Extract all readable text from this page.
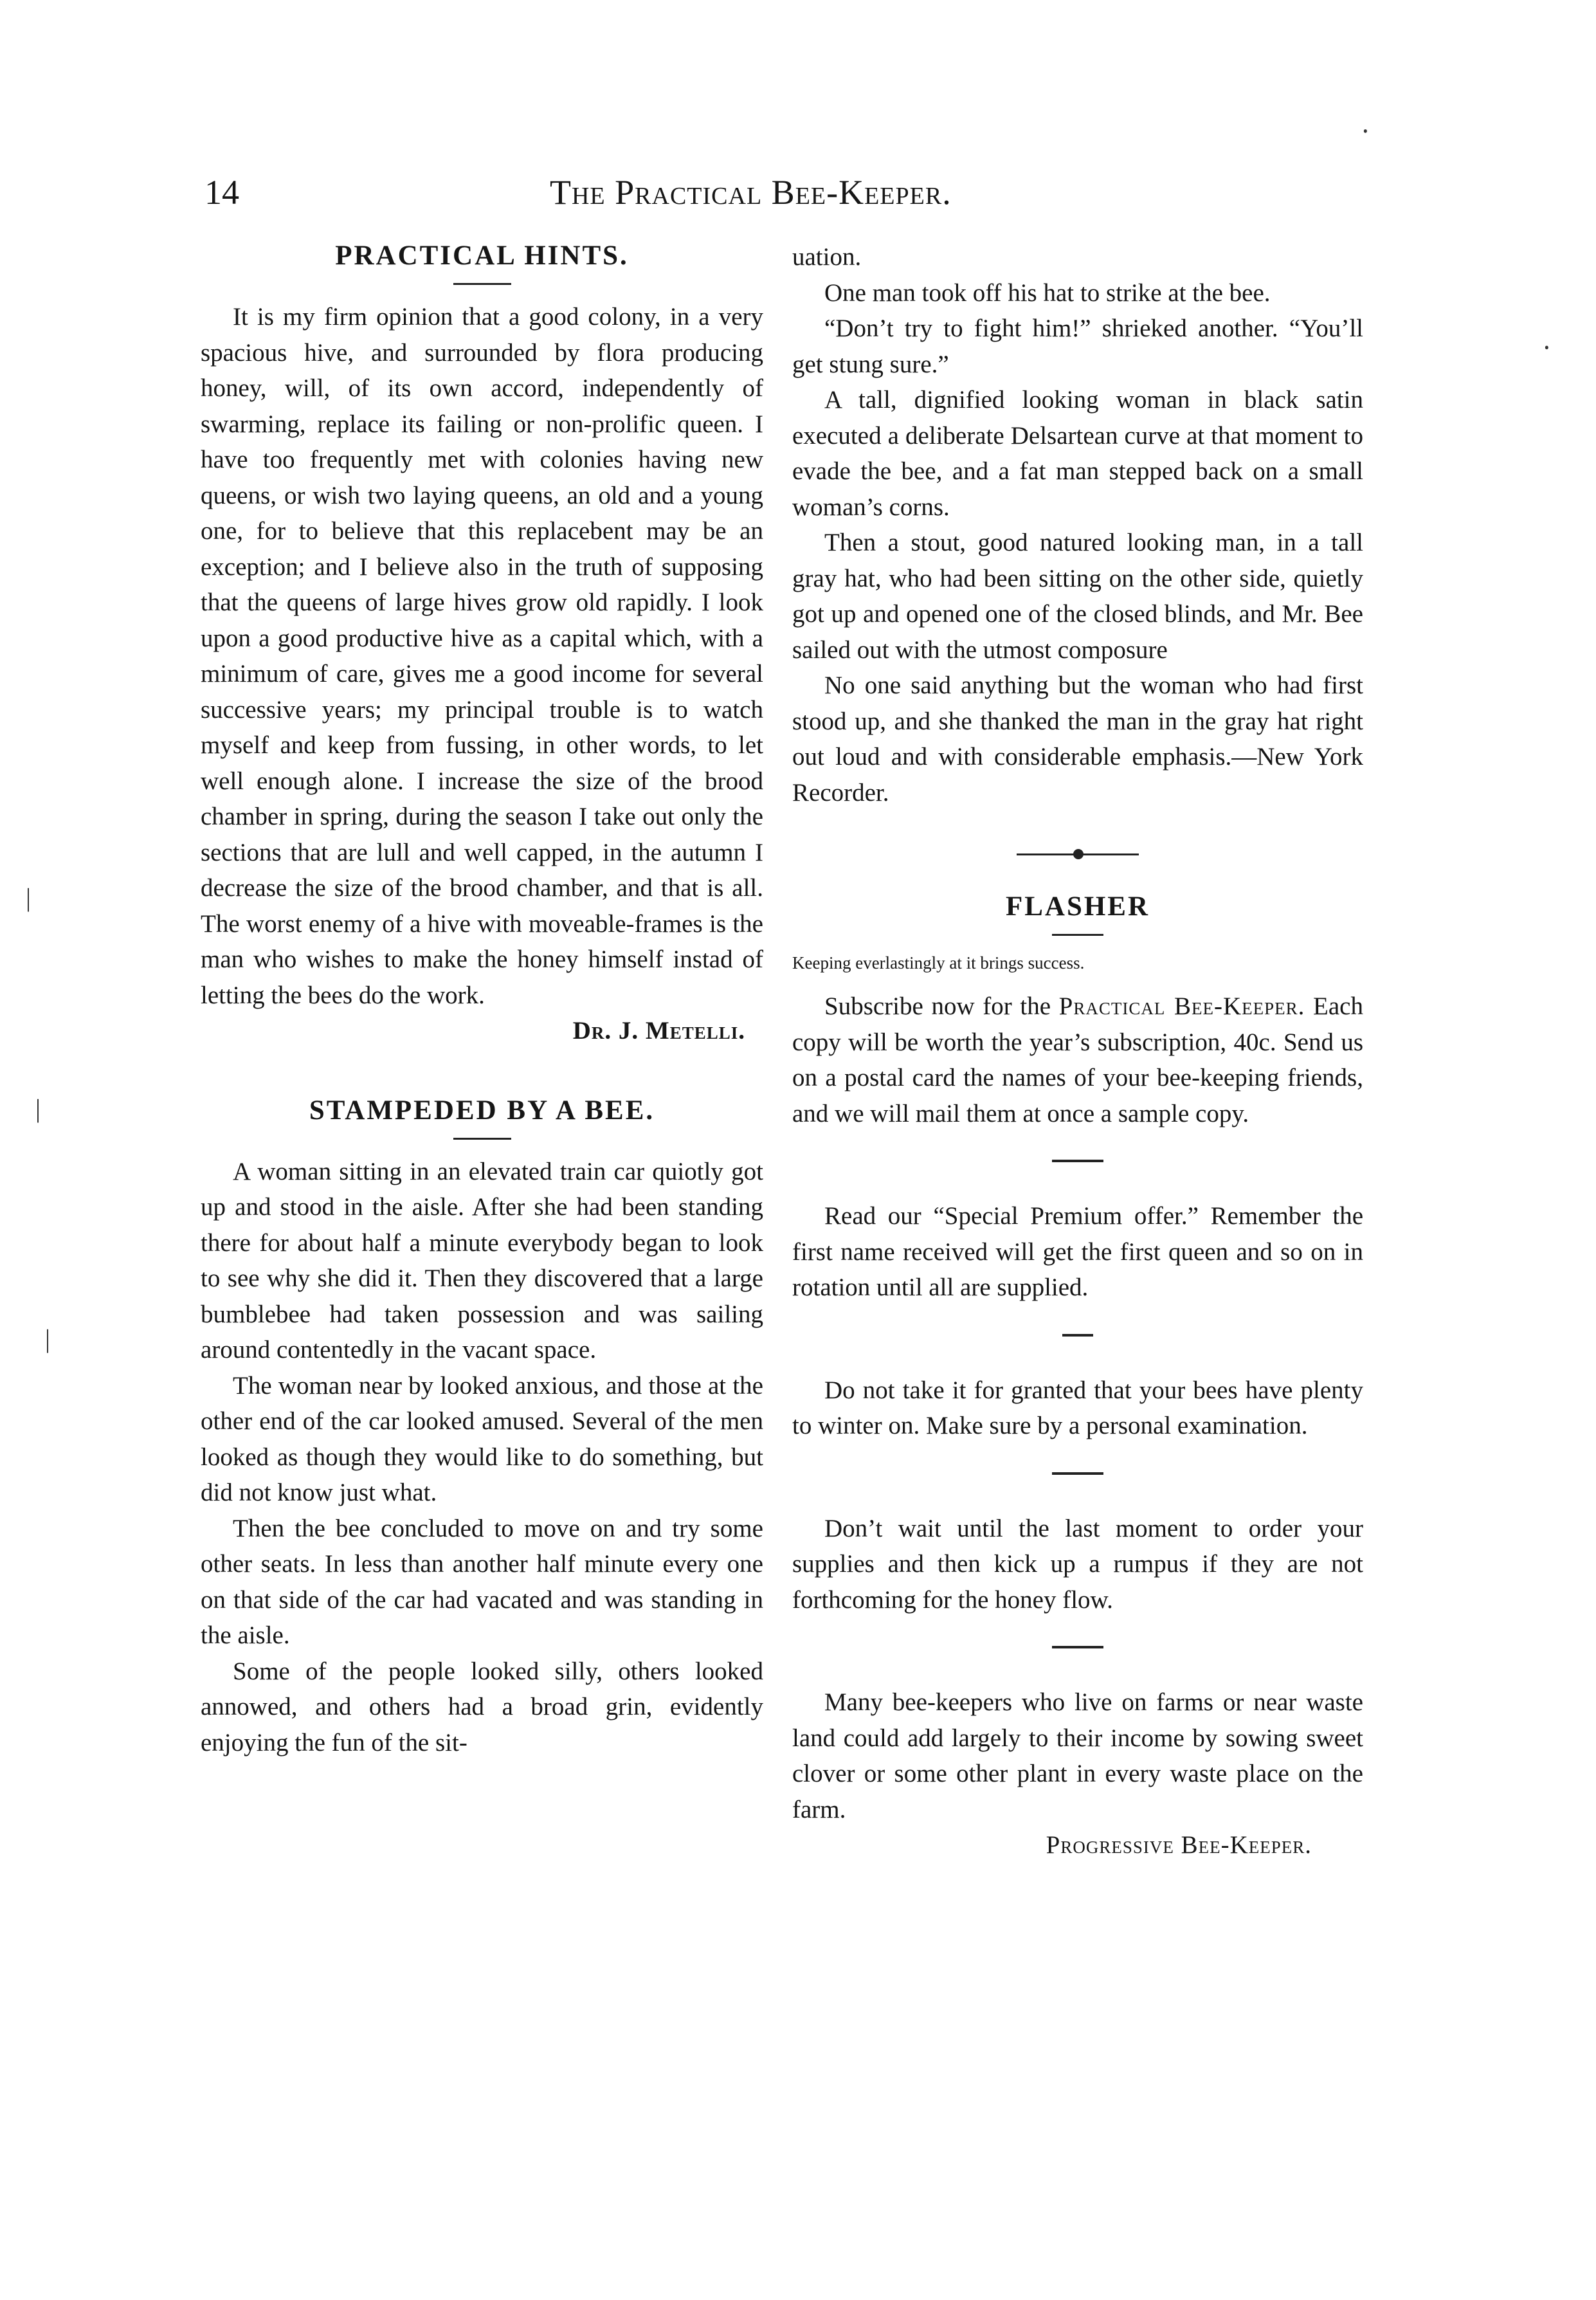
14	The Practical Bee-Keeper.
PRACTICAL HINTS.

It is my firm opinion that a good colony, in a very spacious hive, and surrounded by flora producing honey, will, of its own accord, independently of swarming, replace its failing or non-prolific queen. I have too frequently met with colonies having new queens, or wish two laying queens, an old and a young one, for to believe that this replacebent may be an exception; and I believe also in the truth of supposing that the queens of large hives grow old rapidly. I look upon a good productive hive as a capital which, with a minimum of care, gives me a good income for several successive years; my principal trouble is to watch myself and keep from fussing, in other words, to let well enough alone. I increase the size of the brood chamber in spring, during the season I take out only the sections that are lull and well capped, in the autumn I decrease the size of the brood chamber, and that is all. The worst enemy of a hive with moveable-frames is the man who wishes to make the honey himself instad of letting the bees do the work.

Dr. J. Metelli.
STAMPEDED BY A BEE.

A woman sitting in an elevated train car quiotly got up and stood in the aisle. After she had been standing there for about half a minute everybody began to look to see why she did it. Then they discovered that a large bumblebee had taken possession and was sailing around contentedly in the vacant space.

The woman near by looked anxious, and those at the other end of the car looked amused. Several of the men looked as though they would like to do something, but did not know just what.

Then the bee concluded to move on and try some other seats. In less than another half minute every one on that side of the car had vacated and was standing in the aisle.

Some of the people looked silly, others looked annowed, and others had a broad grin, evidently enjoying the fun of the sit-

uation.

One man took off his hat to strike at the bee.

“Don’t try to fight him!” shrieked another. “You’ll get stung sure.”

A tall, dignified looking woman in black satin executed a deliberate Delsartean curve at that moment to evade the bee, and a fat man stepped back on a small woman’s corns.

Then a stout, good natured looking man, in a tall gray hat, who had been sitting on the other side, quietly got up and opened one of the closed blinds, and Mr. Bee sailed out with the utmost composure

No one said anything but the woman who had first stood up, and she thanked the man in the gray hat right out loud and with considerable emphasis.—New York Recorder.

FLASHER
Keeping everlastingly at it brings success.

Subscribe now for the Practical Bee-Keeper. Each copy will be worth the year’s subscription, 40c. Send us on a postal card the names of your bee-keeping friends, and we will mail them at once a sample copy.

Read our “Special Premium offer.” Remember the first name received will get the first queen and so on in rotation until all are supplied.

Do not take it for granted that your bees have plenty to winter on. Make sure by a personal examination.

Don’t wait until the last moment to order your supplies and then kick up a rumpus if they are not forthcoming for the honey flow.

Many bee-keepers who live on farms or near waste land could add largely to their income by sowing sweet clover or some other plant in every waste place on the farm.

Progressive Bee-Keeper.
⸱
⸳
|
|
|
